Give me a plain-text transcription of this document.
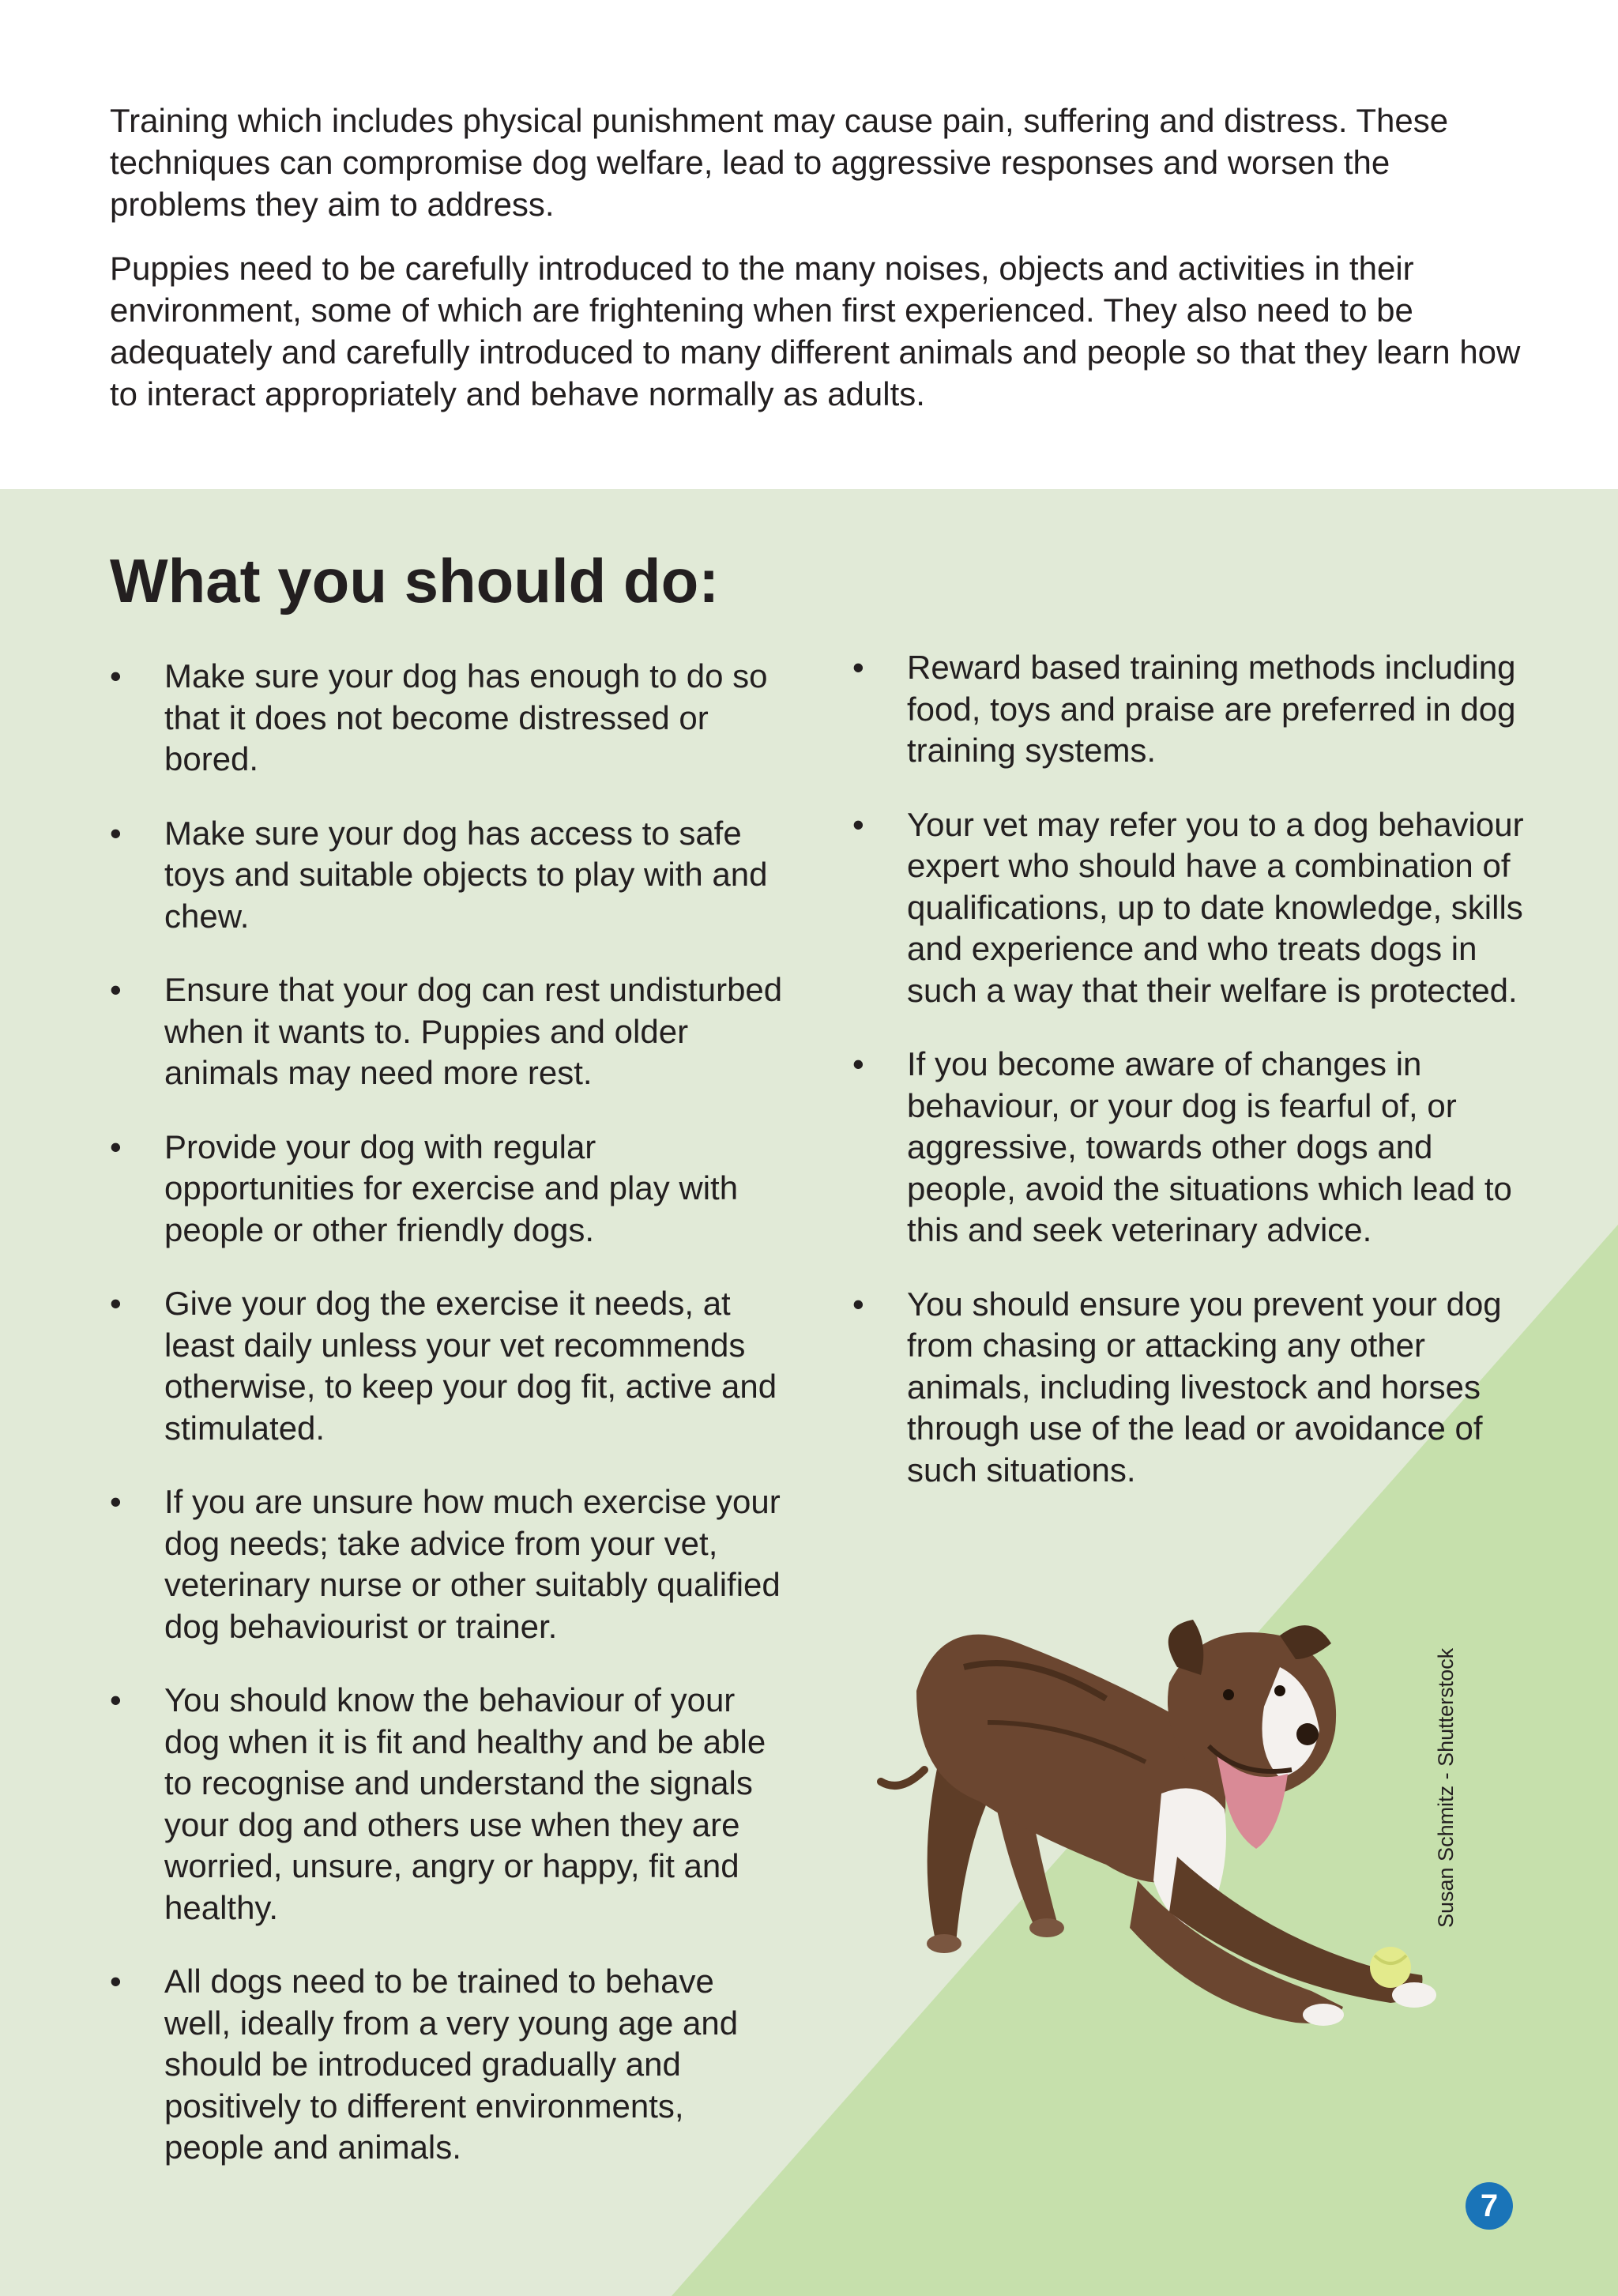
Training which includes physical punishment may cause pain, suffering and distress. These techniques can compromise dog welfare, lead to aggressive responses and worsen the problems they aim to address.

Puppies need to be carefully introduced to the many noises, objects and activities in their environment, some of which are frightening when first experienced. They also need to be adequately and carefully introduced to many different animals and people so that they learn how to interact appropriately and behave normally as adults.

What you should do:
• Make sure your dog has enough to do so that it does not become distressed or bored.
• Make sure your dog has access to safe toys and suitable objects to play with and chew.
• Ensure that your dog can rest undisturbed when it wants to. Puppies and older animals may need more rest.
• Provide your dog with regular opportunities for exercise and play with people or other friendly dogs.
• Give your dog the exercise it needs, at least daily unless your vet recommends otherwise, to keep your dog fit, active and stimulated.
• If you are unsure how much exercise your dog needs; take advice from your vet, veterinary nurse or other suitably qualified dog behaviourist or trainer.
• You should know the behaviour of your dog when it is fit and healthy and be able to recognise and understand the signals your dog and others use when they are worried, unsure, angry or happy, fit and healthy.
• All dogs need to be trained to behave well, ideally from a very young age and should be introduced gradually and positively to different environments, people and animals.
• Reward based training methods including food, toys and praise are preferred in dog training systems.
• Your vet may refer you to a dog behaviour expert who should have a combination of qualifications, up to date knowledge, skills and experience and who treats dogs in such a way that their welfare is protected.
• If you become aware of changes in behaviour, or your dog is fearful of, or aggressive, towards other dogs and people, avoid the situations which lead to this and seek veterinary advice.
• You should ensure you prevent your dog from chasing or attacking any other animals, including livestock and horses through use of the lead or avoidance of such situations.
Susan Schmitz - Shutterstock
7
